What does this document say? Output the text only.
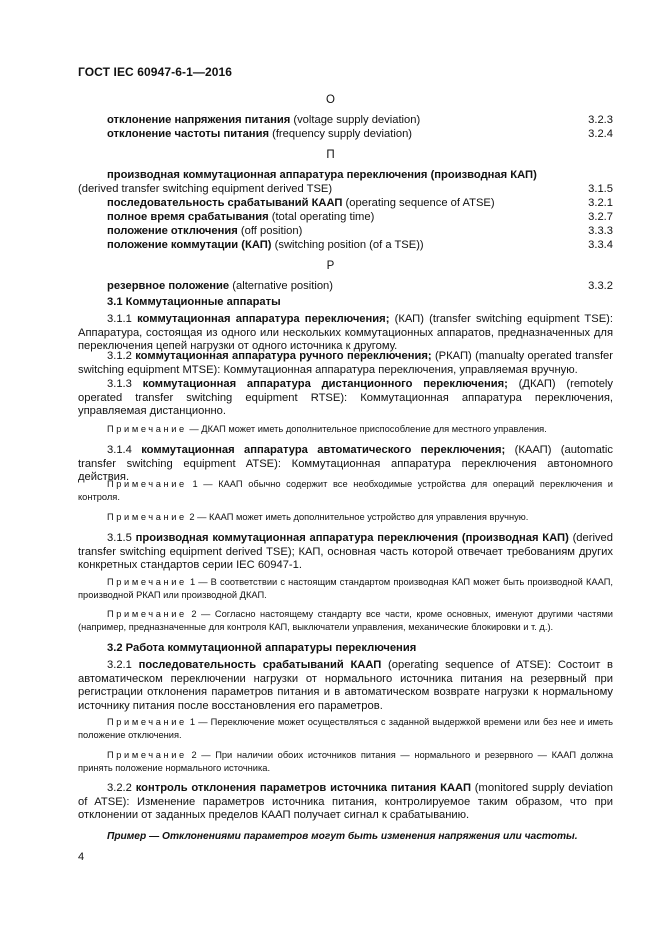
ГОСТ IEC 60947-6-1—2016
О
отклонение напряжения питания (voltage supply deviation)	3.2.3
отклонение частоты питания (frequency supply deviation)	3.2.4
П
производная коммутационная аппаратура переключения (производная КАП)
(derived transfer switching equipment derived TSE)	3.1.5
последовательность срабатываний КААП (operating sequence of ATSE)	3.2.1
полное время срабатывания (total operating time)	3.2.7
положение отключения (off position)	3.3.3
положение коммутации (КАП) (switching position (of a TSE))	3.3.4
Р
резервное положение (alternative position)	3.3.2
3.1 Коммутационные аппараты
3.1.1 коммутационная аппаратура переключения; (КАП) (transfer switching equipment TSE): Аппаратура, состоящая из одного или нескольких коммутационных аппаратов, предназначенных для переключения цепей нагрузки от одного источника к другому.
3.1.2 коммутационная аппаратура ручного переключения; (РКАП) (manualty operated transfer switching equipment MTSE): Коммутационная аппаратура переключения, управляемая вручную.
3.1.3 коммутационная аппаратура дистанционного переключения; (ДКАП) (remotely operated transfer switching equipment RTSE): Коммутационная аппаратура переключения, управляемая дистанционно.
Примечание — ДКАП может иметь дополнительное приспособление для местного управления.
3.1.4 коммутационная аппаратура автоматического переключения; (КААП) (automatic transfer switching equipment ATSE): Коммутационная аппаратура переключения автономного действия.
Примечание 1 — КААП обычно содержит все необходимые устройства для операций переключения и контроля.
Примечание 2 — КААП может иметь дополнительное устройство для управления вручную.
3.1.5 производная коммутационная аппаратура переключения (производная КАП) (derived transfer switching equipment derived TSE); КАП, основная часть которой отвечает требованиям других конкретных стандартов серии IEC 60947-1.
Примечание 1 — В соответствии с настоящим стандартом производная КАП может быть производной КААП, производной РКАП или производной ДКАП.
Примечание 2 — Согласно настоящему стандарту все части, кроме основных, именуют другими частями (например, предназначенные для контроля КАП, выключатели управления, механические блокировки и т. д.).
3.2 Работа коммутационной аппаратуры переключения
3.2.1 последовательность срабатываний КААП (operating sequence of ATSE): Состоит в автоматическом переключении нагрузки от нормального источника питания на резервный при регистрации отклонения параметров питания и в автоматическом возврате нагрузки к нормальному источнику питания после восстановления его параметров.
Примечание 1 — Переключение может осуществляться с заданной выдержкой времени или без нее и иметь положение отключения.
Примечание 2 — При наличии обоих источников питания — нормального и резервного — КААП должна принять положение нормального источника.
3.2.2 контроль отклонения параметров источника питания КААП (monitored supply deviation of ATSE): Изменение параметров источника питания, контролируемое таким образом, что при отклонении от заданных пределов КААП получает сигнал к срабатыванию.
Пример — Отклонениями параметров могут быть изменения напряжения или частоты.
4
